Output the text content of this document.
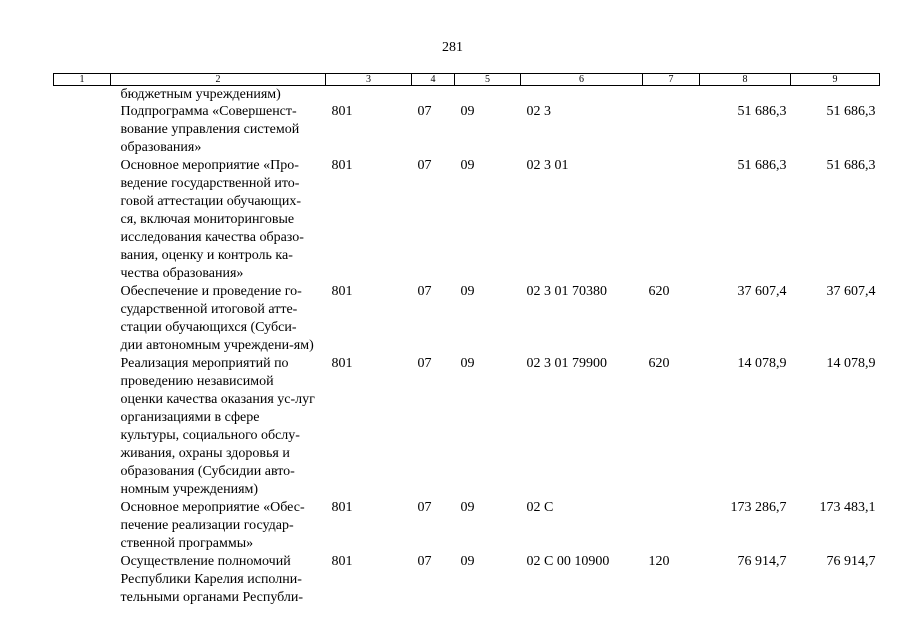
281
1	2	3	4	5	6	7	8	9
	бюджетным учреждениям)							
	Подпрограмма «Совершенст-вование управления системой образования»	801	07	09	02 3		51 686,3	51 686,3
	Основное мероприятие «Про-ведение государственной ито-говой аттестации обучающих-ся, включая мониторинговые исследования качества образо-вания, оценку и контроль ка-чества образования»	801	07	09	02 3 01		51 686,3	51 686,3
	Обеспечение и проведение го-сударственной итоговой атте-стации обучающихся (Субси-дии автономным учреждени-ям)	801	07	09	02 3 01 70380	620	37 607,4	37 607,4
	Реализация мероприятий по проведению независимой оценки качества оказания ус-луг организациями в сфере культуры, социального обслу-живания, охраны здоровья и образования (Субсидии авто-номным учреждениям)	801	07	09	02 3 01 79900	620	14 078,9	14 078,9
	Основное мероприятие «Обес-печение реализации государ-ственной программы»	801	07	09	02 С		173 286,7	173 483,1
	Осуществление полномочий Республики Карелия исполни-тельными органами Республи-	801	07	09	02 С 00 10900	120	76 914,7	76 914,7
